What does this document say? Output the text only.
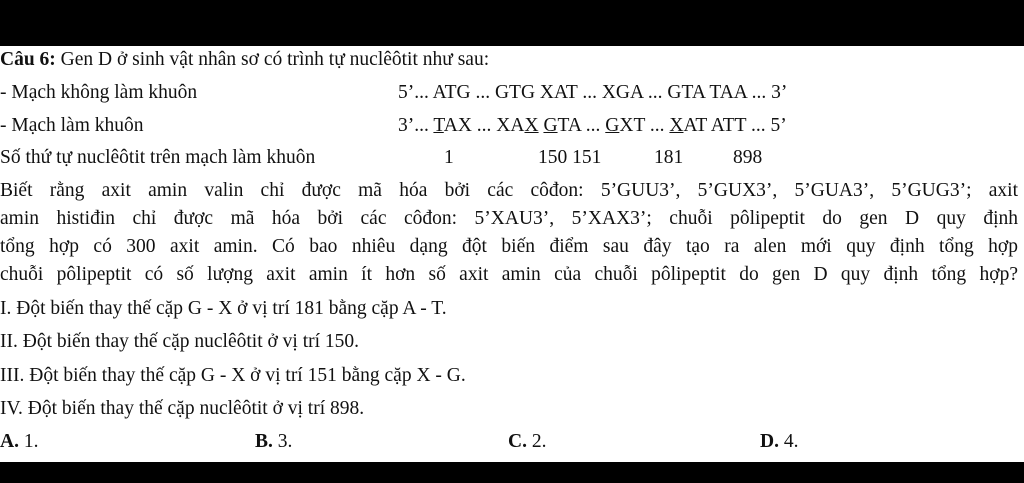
Câu 6: Gen D ở sinh vật nhân sơ có trình tự nuclêôtit như sau:
- Mạch không làm khuôn	5’... ATG ... GTG XAT ... XGA ... GTA TAA ... 3’
- Mạch làm khuôn	3’... TAX ... XAX GTA ... GXT ... XAT ATT ... 5’
Số thứ tự nuclêôtit trên mạch làm khuôn	1	150 151	181	898
Biết rằng axit amin valin chỉ được mã hóa bởi các côđon: 5’GUU3’, 5’GUX3’, 5’GUA3’, 5’GUG3’; axit
amin histiđin chỉ được mã hóa bởi các côđon: 5’XAU3’, 5’XAX3’; chuỗi pôlipeptit do gen D quy định
tổng hợp có 300 axit amin. Có bao nhiêu dạng đột biến điểm sau đây tạo ra alen mới quy định tổng hợp
chuỗi pôlipeptit có số lượng axit amin ít hơn số axit amin của chuỗi pôlipeptit do gen D quy định tổng hợp?
I. Đột biến thay thế cặp G - X ở vị trí 181 bằng cặp A - T.
II. Đột biến thay thế cặp nuclêôtit ở vị trí 150.
III. Đột biến thay thế cặp G - X ở vị trí 151 bằng cặp X - G.
IV. Đột biến thay thế cặp nuclêôtit ở vị trí 898.
A. 1.	B. 3.	C. 2.	D. 4.
